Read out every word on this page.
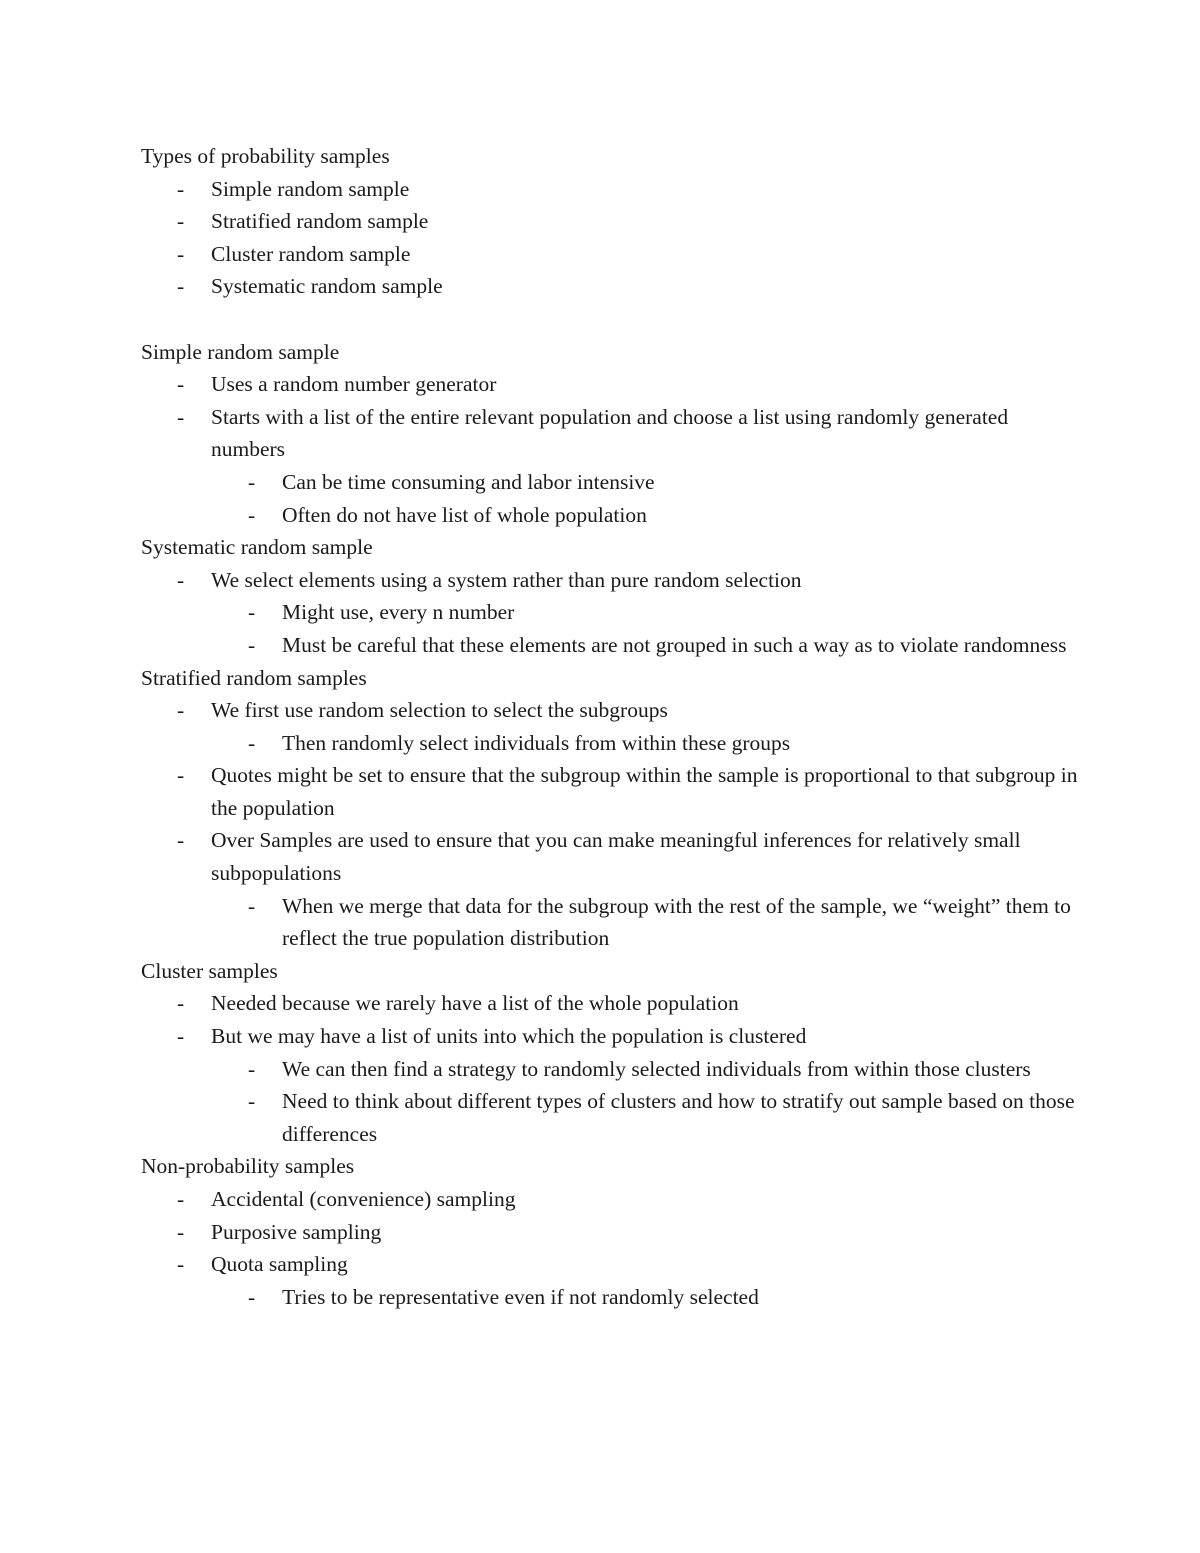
Types of probability samples
- Simple random sample
- Stratified random sample
- Cluster random sample
- Systematic random sample
Simple random sample
- Uses a random number generator
- Starts with a list of the entire relevant population and choose a list using randomly generated numbers
- Can be time consuming and labor intensive
- Often do not have list of whole population
Systematic random sample
- We select elements using a system rather than pure random selection
- Might use, every n number
- Must be careful that these elements are not grouped in such a way as to violate randomness
Stratified random samples
- We first use random selection to select the subgroups
- Then randomly select individuals from within these groups
- Quotes might be set to ensure that the subgroup within the sample is proportional to that subgroup in the population
- Over Samples are used to ensure that you can make meaningful inferences for relatively small subpopulations
- When we merge that data for the subgroup with the rest of the sample, we “weight” them to reflect the true population distribution
Cluster samples
- Needed because we rarely have a list of the whole population
- But we may have a list of units into which the population is clustered
- We can then find a strategy to randomly selected individuals from within those clusters
- Need to think about different types of clusters and how to stratify out sample based on those differences
Non-probability samples
- Accidental (convenience) sampling
- Purposive sampling
- Quota sampling
- Tries to be representative even if not randomly selected
